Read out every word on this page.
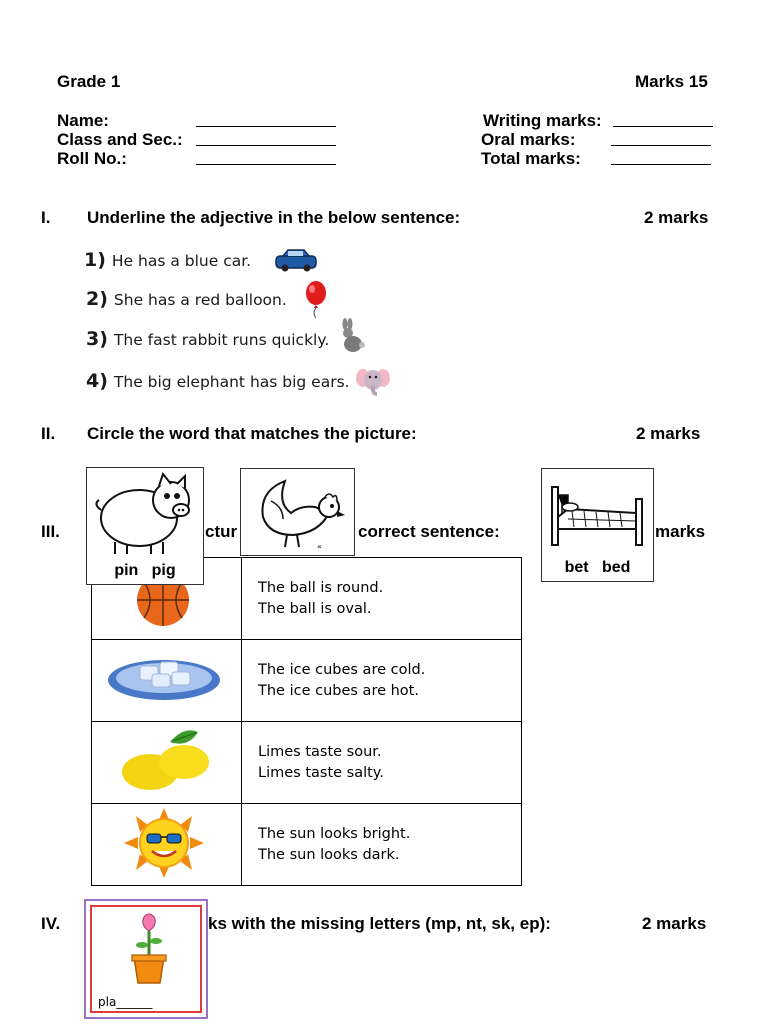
Grade 1	Marks 15
Name:
Class and Sec.:
Roll No.:
Writing marks:
Oral marks:
Total marks:
I. Underline the adjective in the below sentence:	2 marks
1) He has a blue car.
2) She has a red balloon.
3) The fast rabbit runs quickly.
4) The big elephant has big ears.
II. Circle the word that matches the picture:	2 marks
III.	ctur	correct sentence:	marks

The ball is round.
The ball is oval.

The ice cubes are cold.
The ice cubes are hot.

Limes taste sour.
Limes taste salty.

The sun looks bright.
The sun looks dark.
pin   pig
«
bet   bed
IV.	ks with the missing letters (mp, nt, sk, ep):	2 marks
pla______
